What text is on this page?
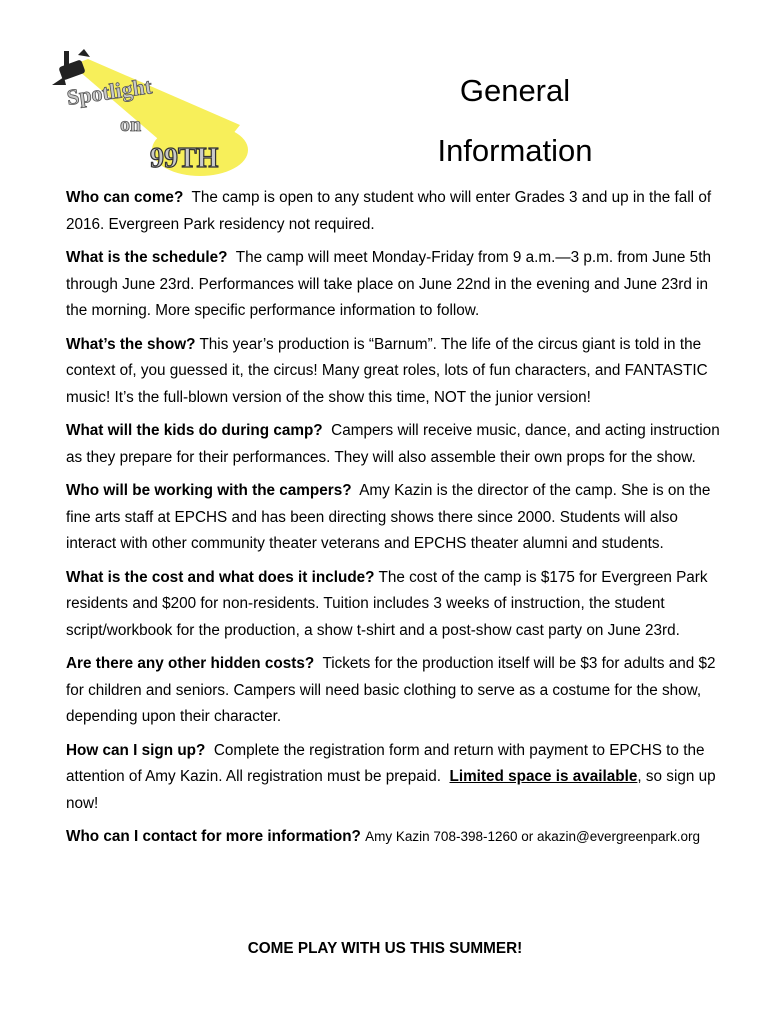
Spotlight
on
99TH
General
Information

Who can come? The camp is open to any student who will enter Grades 3 and up in the fall of 2016. Evergreen Park residency not required.

What is the schedule? The camp will meet Monday-Friday from 9 a.m.—3 p.m. from June 5th through June 23rd. Performances will take place on June 22nd in the evening and June 23rd in the morning. More specific performance information to follow.

What’s the show? This year’s production is “Barnum”. The life of the circus giant is told in the context of, you guessed it, the circus! Many great roles, lots of fun characters, and FANTASTIC music! It’s the full-blown version of the show this time, NOT the junior version!

What will the kids do during camp? Campers will receive music, dance, and acting instruction as they prepare for their performances. They will also assemble their own props for the show.

Who will be working with the campers? Amy Kazin is the director of the camp. She is on the fine arts staff at EPCHS and has been directing shows there since 2000. Students will also interact with other community theater veterans and EPCHS theater alumni and students.

What is the cost and what does it include? The cost of the camp is $175 for Evergreen Park residents and $200 for non-residents. Tuition includes 3 weeks of instruction, the student script/workbook for the production, a show t-shirt and a post-show cast party on June 23rd.

Are there any other hidden costs? Tickets for the production itself will be $3 for adults and $2 for children and seniors. Campers will need basic clothing to serve as a costume for the show, depending upon their character.

How can I sign up? Complete the registration form and return with payment to EPCHS to the attention of Amy Kazin. All registration must be prepaid. Limited space is available, so sign up now!

Who can I contact for more information? Amy Kazin 708-398-1260 or akazin@evergreenpark.org

COME PLAY WITH US THIS SUMMER!
